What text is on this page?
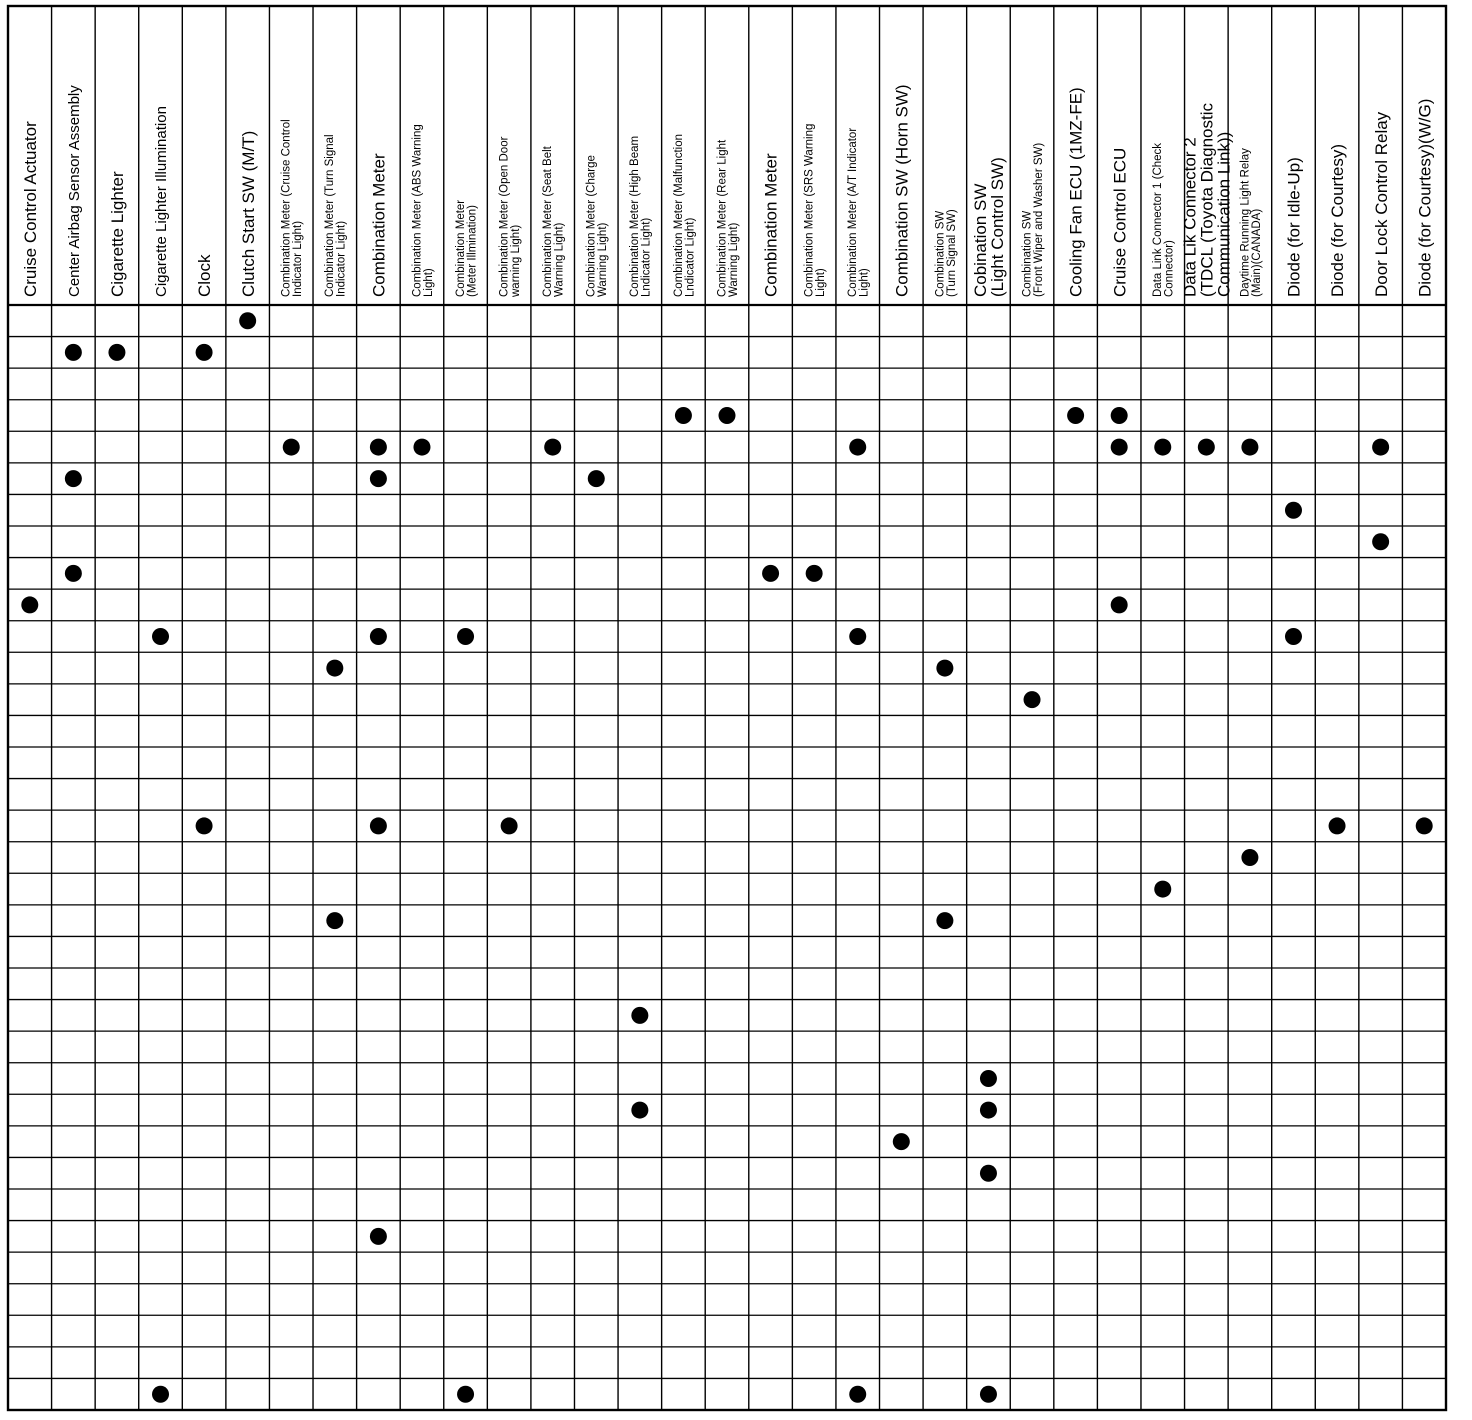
Cruise Control Actuator Center Airbag Sensor Assembly Cigarette Lighter Cigarette Lighter Illumination Clock Clutch Start SW (M/T) Combination Meter (Cruise Control Indicator Light) Combination Meter (Turn Signal Indicator Light) Combination Meter Combination Meter (ABS Warning Light) Combination Meter (Meter Illmination) Combination Meter (Open Door warning Light) Combination Meter (Seat Belt Warning Light) Combination Meter (Charge Warning Light) Combination Meter (High Beam Lndicator Light) Combination Meter (Malfunction Lndicator Light) Combination Meter (Rear Light Warning Light) Combination Meter Combination Meter (SRS Warning Light) Combination Meter (A/T Indicator Light) Combination SW (Horn SW) Combination SW (Turn Signal SW) Cobination SW
(Light Control SW) Combination SW (Front Wiper and Washer SW) Cooling Fan ECU (1MZ-FE) Cruise Control ECU Data Link Connector 1 (Check Connector) Data Lik Connector 2
(TDCL (Toyota Diagnostic
Communication Link)) Daytime Running Light Relay (Main)(CANADA) Diode (for Idle-Up) Diode (for Courtesy) Door Lock Control Relay Diode (for Courtesy)(W/G)
